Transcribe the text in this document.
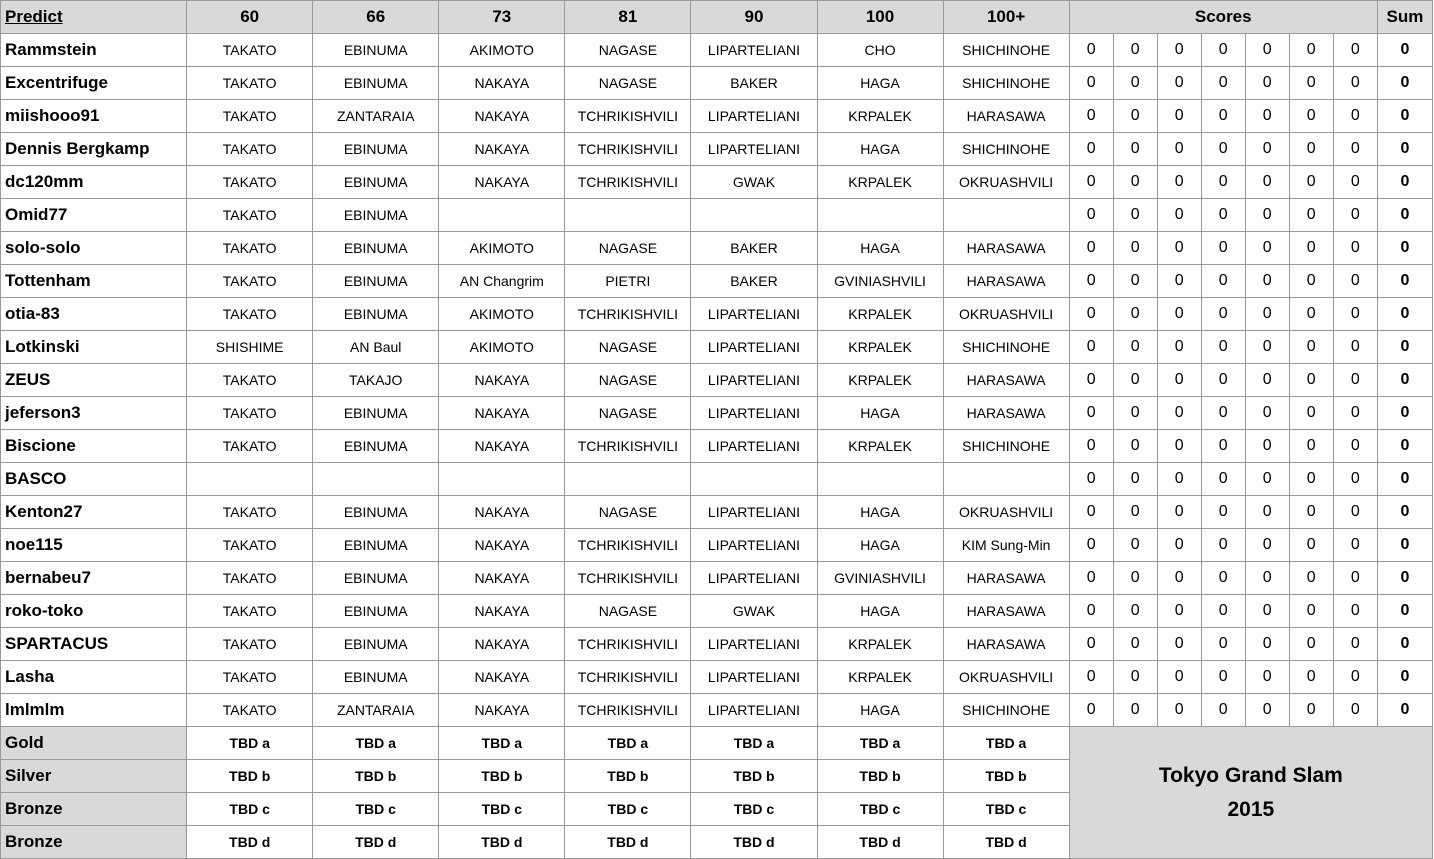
Predict	60	66	73	81	90	100	100+	Scores							Sum
Rammstein	TAKATO	EBINUMA	AKIMOTO	NAGASE	LIPARTELIANI	CHO	SHICHINOHE	0	0	0	0	0	0	0	0
Excentrifuge	TAKATO	EBINUMA	NAKAYA	NAGASE	BAKER	HAGA	SHICHINOHE	0	0	0	0	0	0	0	0
miishooo91	TAKATO	ZANTARAIA	NAKAYA	TCHRIKISHVILI	LIPARTELIANI	KRPALEK	HARASAWA	0	0	0	0	0	0	0	0
Dennis Bergkamp	TAKATO	EBINUMA	NAKAYA	TCHRIKISHVILI	LIPARTELIANI	HAGA	SHICHINOHE	0	0	0	0	0	0	0	0
dc120mm	TAKATO	EBINUMA	NAKAYA	TCHRIKISHVILI	GWAK	KRPALEK	OKRUASHVILI	0	0	0	0	0	0	0	0
Omid77	TAKATO	EBINUMA						0	0	0	0	0	0	0	0
solo-solo	TAKATO	EBINUMA	AKIMOTO	NAGASE	BAKER	HAGA	HARASAWA	0	0	0	0	0	0	0	0
Tottenham	TAKATO	EBINUMA	AN Changrim	PIETRI	BAKER	GVINIASHVILI	HARASAWA	0	0	0	0	0	0	0	0
otia-83	TAKATO	EBINUMA	AKIMOTO	TCHRIKISHVILI	LIPARTELIANI	KRPALEK	OKRUASHVILI	0	0	0	0	0	0	0	0
Lotkinski	SHISHIME	AN Baul	AKIMOTO	NAGASE	LIPARTELIANI	KRPALEK	SHICHINOHE	0	0	0	0	0	0	0	0
ZEUS	TAKATO	TAKAJO	NAKAYA	NAGASE	LIPARTELIANI	KRPALEK	HARASAWA	0	0	0	0	0	0	0	0
jeferson3	TAKATO	EBINUMA	NAKAYA	NAGASE	LIPARTELIANI	HAGA	HARASAWA	0	0	0	0	0	0	0	0
Biscione	TAKATO	EBINUMA	NAKAYA	TCHRIKISHVILI	LIPARTELIANI	KRPALEK	SHICHINOHE	0	0	0	0	0	0	0	0
BASCO								0	0	0	0	0	0	0	0
Kenton27	TAKATO	EBINUMA	NAKAYA	NAGASE	LIPARTELIANI	HAGA	OKRUASHVILI	0	0	0	0	0	0	0	0
noe115	TAKATO	EBINUMA	NAKAYA	TCHRIKISHVILI	LIPARTELIANI	HAGA	KIM Sung-Min	0	0	0	0	0	0	0	0
bernabeu7	TAKATO	EBINUMA	NAKAYA	TCHRIKISHVILI	LIPARTELIANI	GVINIASHVILI	HARASAWA	0	0	0	0	0	0	0	0
roko-toko	TAKATO	EBINUMA	NAKAYA	NAGASE	GWAK	HAGA	HARASAWA	0	0	0	0	0	0	0	0
SPARTACUS	TAKATO	EBINUMA	NAKAYA	TCHRIKISHVILI	LIPARTELIANI	KRPALEK	HARASAWA	0	0	0	0	0	0	0	0
Lasha	TAKATO	EBINUMA	NAKAYA	TCHRIKISHVILI	LIPARTELIANI	KRPALEK	OKRUASHVILI	0	0	0	0	0	0	0	0
lmlmlm	TAKATO	ZANTARAIA	NAKAYA	TCHRIKISHVILI	LIPARTELIANI	HAGA	SHICHINOHE	0	0	0	0	0	0	0	0
Gold	TBD a	TBD a	TBD a	TBD a	TBD a	TBD a	TBD a	Tokyo Grand Slam
2015							

Silver	TBD b	TBD b	TBD b	TBD b	TBD b	TBD b	TBD b								
Bronze	TBD c	TBD c	TBD c	TBD c	TBD c	TBD c	TBD c								
Bronze	TBD d	TBD d	TBD d	TBD d	TBD d	TBD d	TBD d								
